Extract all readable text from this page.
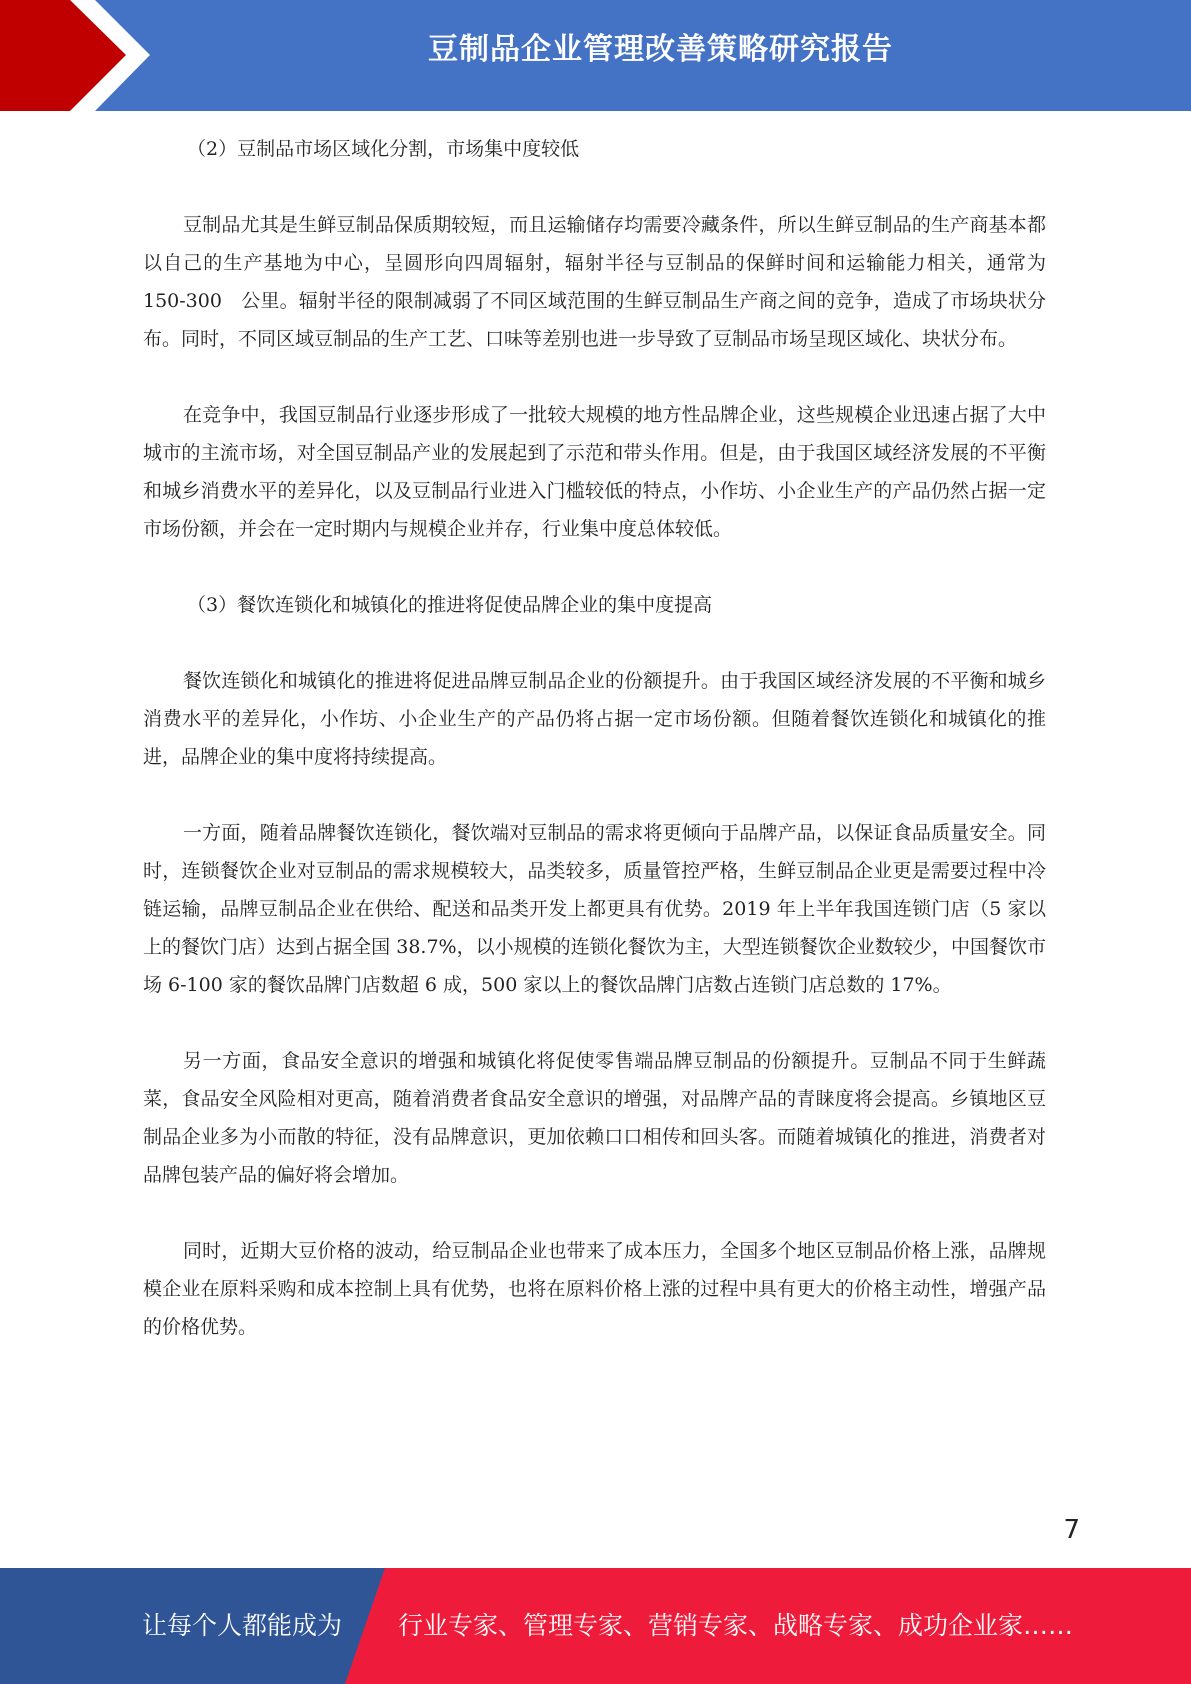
豆制品企业管理改善策略研究报告

（2）豆制品市场区域化分割，市场集中度较低

豆制品尤其是生鲜豆制品保质期较短，而且运输储存均需要冷藏条件，所以生鲜豆制品的生产商基本都以自己的生产基地为中心，呈圆形向四周辐射，辐射半径与豆制品的保鲜时间和运输能力相关，通常为　150-300　公里。辐射半径的限制减弱了不同区域范围的生鲜豆制品生产商之间的竞争，造成了市场块状分布。同时，不同区域豆制品的生产工艺、口味等差别也进一步导致了豆制品市场呈现区域化、块状分布。

在竞争中，我国豆制品行业逐步形成了一批较大规模的地方性品牌企业，这些规模企业迅速占据了大中城市的主流市场，对全国豆制品产业的发展起到了示范和带头作用。但是，由于我国区域经济发展的不平衡和城乡消费水平的差异化，以及豆制品行业进入门槛较低的特点，小作坊、小企业生产的产品仍然占据一定市场份额，并会在一定时期内与规模企业并存，行业集中度总体较低。

（3）餐饮连锁化和城镇化的推进将促使品牌企业的集中度提高

餐饮连锁化和城镇化的推进将促进品牌豆制品企业的份额提升。由于我国区域经济发展的不平衡和城乡消费水平的差异化，小作坊、小企业生产的产品仍将占据一定市场份额。但随着餐饮连锁化和城镇化的推进，品牌企业的集中度将持续提高。

一方面，随着品牌餐饮连锁化，餐饮端对豆制品的需求将更倾向于品牌产品，以保证食品质量安全。同时，连锁餐饮企业对豆制品的需求规模较大，品类较多，质量管控严格，生鲜豆制品企业更是需要过程中冷链运输，品牌豆制品企业在供给、配送和品类开发上都更具有优势。2019 年上半年我国连锁门店（5 家以上的餐饮门店）达到占据全国 38.7%，以小规模的连锁化餐饮为主，大型连锁餐饮企业数较少，中国餐饮市场 6-100 家的餐饮品牌门店数超 6 成，500 家以上的餐饮品牌门店数占连锁门店总数的 17%。

另一方面，食品安全意识的增强和城镇化将促使零售端品牌豆制品的份额提升。豆制品不同于生鲜蔬菜，食品安全风险相对更高，随着消费者食品安全意识的增强，对品牌产品的青睐度将会提高。乡镇地区豆制品企业多为小而散的特征，没有品牌意识，更加依赖口口相传和回头客。而随着城镇化的推进，消费者对品牌包装产品的偏好将会增加。

同时，近期大豆价格的波动，给豆制品企业也带来了成本压力，全国多个地区豆制品价格上涨，品牌规模企业在原料采购和成本控制上具有优势，也将在原料价格上涨的过程中具有更大的价格主动性，增强产品的价格优势。

7
让每个人都能成为 行业专家、管理专家、营销专家、战略专家、成功企业家……
